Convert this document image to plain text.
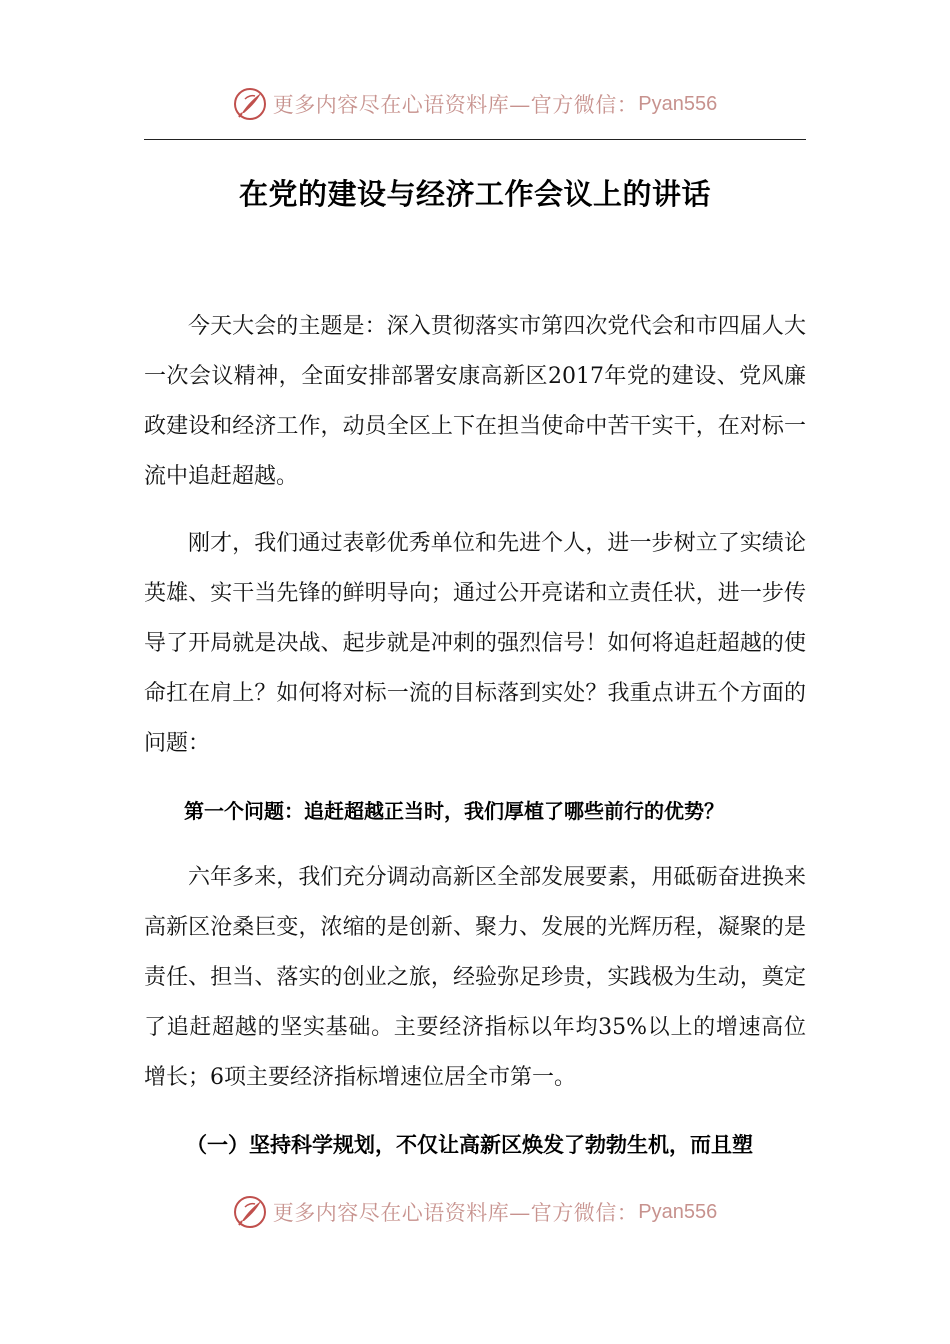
更多内容尽在心语资料库—官方微信： Pyan556
在党的建设与经济工作会议上的讲话

今天大会的主题是：深入贯彻落实市第四次党代会和市四届人大一次会议精神，全面安排部署安康高新区2017年党的建设、党风廉政建设和经济工作，动员全区上下在担当使命中苦干实干，在对标一流中追赶超越。

刚才，我们通过表彰优秀单位和先进个人，进一步树立了实绩论英雄、实干当先锋的鲜明导向；通过公开亮诺和立责任状，进一步传导了开局就是决战、起步就是冲刺的强烈信号！如何将追赶超越的使命扛在肩上？如何将对标一流的目标落到实处？我重点讲五个方面的问题：

第一个问题：追赶超越正当时，我们厚植了哪些前行的优势？

六年多来，我们充分调动高新区全部发展要素，用砥砺奋进换来高新区沧桑巨变，浓缩的是创新、聚力、发展的光辉历程，凝聚的是责任、担当、落实的创业之旅，经验弥足珍贵，实践极为生动，奠定了追赶超越的坚实基础。主要经济指标以年均35%以上的增速高位增长；6项主要经济指标增速位居全市第一。

（一）坚持科学规划，不仅让高新区焕发了勃勃生机，而且塑

更多内容尽在心语资料库—官方微信： Pyan556
